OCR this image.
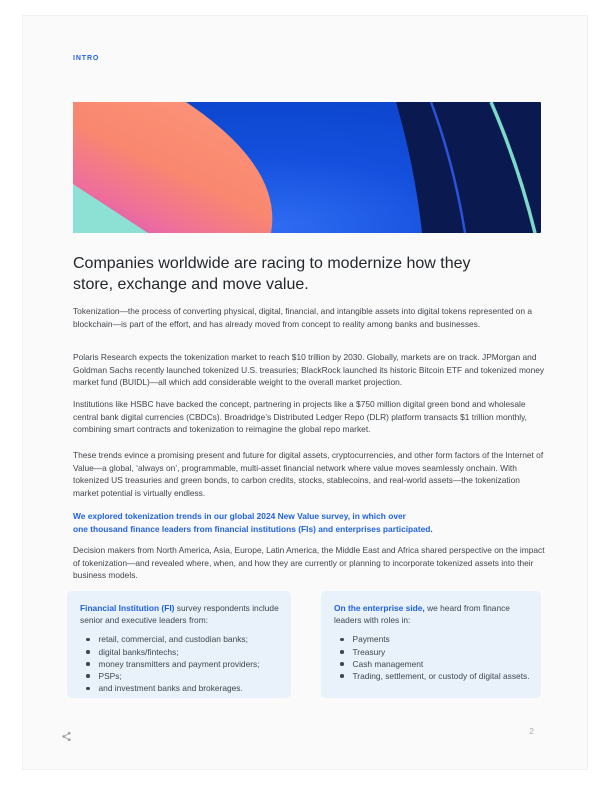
INTRO
Companies worldwide are racing to modernize how they
store, exchange and move value.

Tokenization—the process of converting physical, digital, financial, and intangible assets into digital tokens represented on a blockchain—is part of the effort, and has already moved from concept to reality among banks and businesses.

Polaris Research expects the tokenization market to reach $10 trillion by 2030. Globally, markets are on track. JPMorgan and Goldman Sachs recently launched tokenized U.S. treasuries; BlackRock launched its historic Bitcoin ETF and tokenized money market fund (BUIDL)—all which add considerable weight to the overall market projection.

Institutions like HSBC have backed the concept, partnering in projects like a $750 million digital green bond and wholesale central bank digital currencies (CBDCs). Broadridge’s Distributed Ledger Repo (DLR) platform transacts $1 trillion monthly, combining smart contracts and tokenization to reimagine the global repo market.

These trends evince a promising present and future for digital assets, cryptocurrencies, and other form factors of the Internet of Value—a global, ‘always on’, programmable, multi-asset financial network where value moves seamlessly onchain. With tokenized US treasuries and green bonds, to carbon credits, stocks, stablecoins, and real-world assets—the tokenization market potential is virtually endless.

We explored tokenization trends in our global 2024 New Value survey, in which over
one thousand finance leaders from financial institutions (FIs) and enterprises participated.

Decision makers from North America, Asia, Europe, Latin America, the Middle East and Africa shared perspective on the impact of tokenization—and revealed where, when, and how they are currently or planning to incorporate tokenized assets into their business models.

Financial Institution (FI) survey respondents include senior and executive leaders from:
retail, commercial, and custodian banks;
digital banks/fintechs;
money transmitters and payment providers;
PSPs;
and investment banks and brokerages.
On the enterprise side, we heard from finance leaders with roles in:
Payments
Treasury
Cash management
Trading, settlement, or custody of digital assets.
2
